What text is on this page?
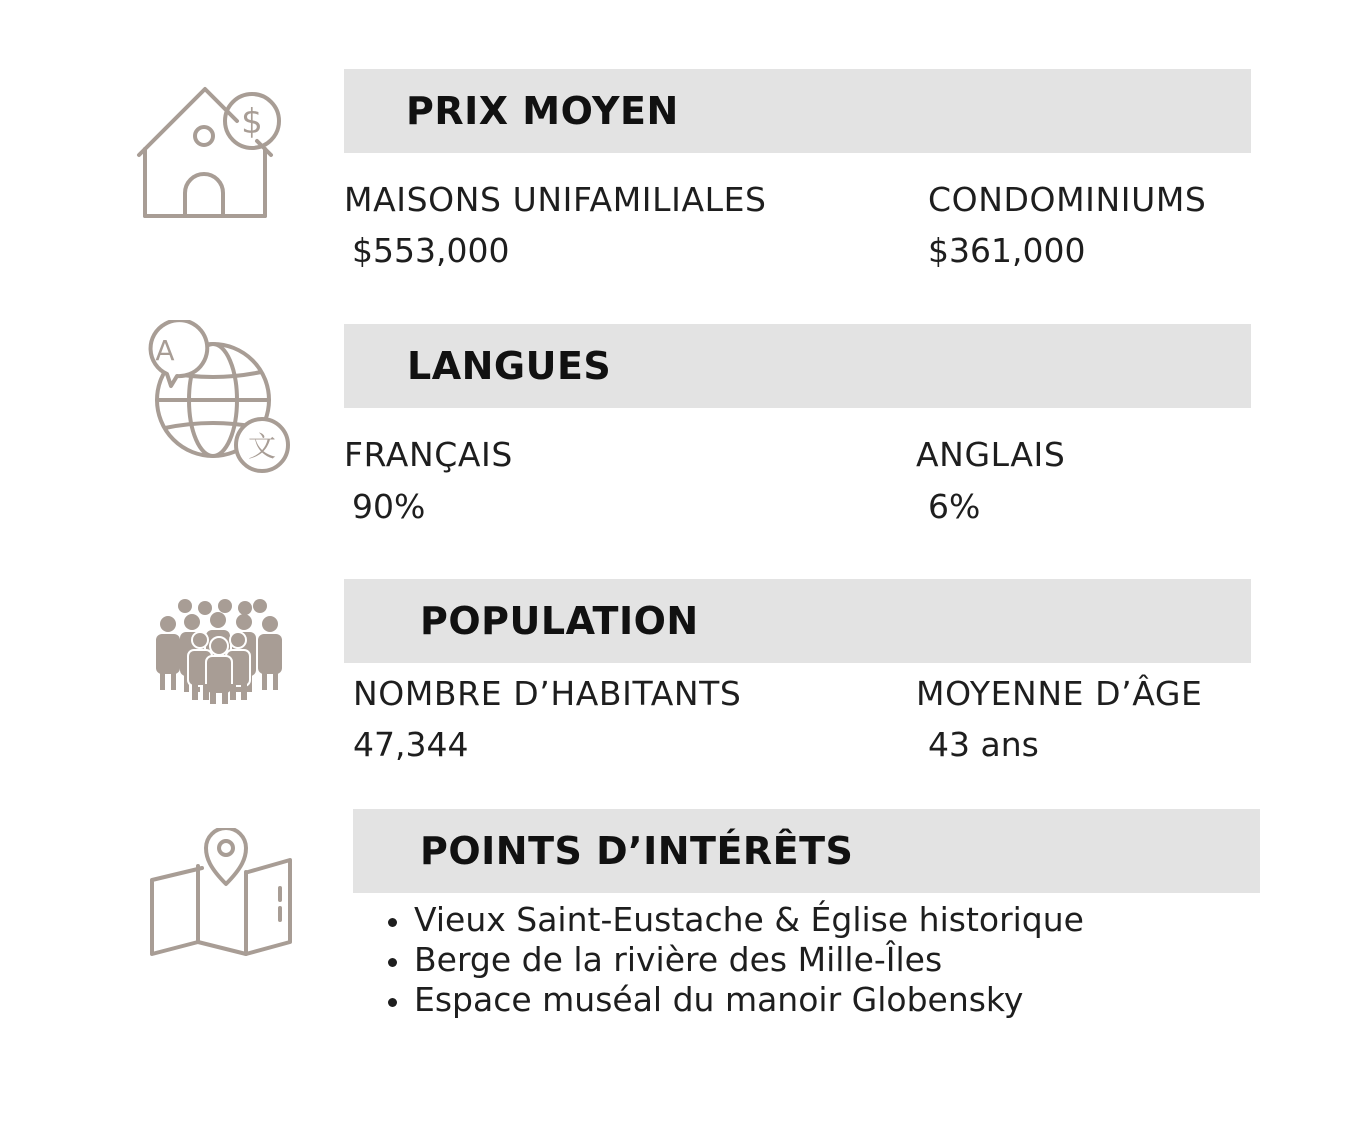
$	PRIX MOYEN
MAISONS UNIFAMILIALES
$553,000
CONDOMINIUMS
$361,000
A
文
LANGUES
FRANÇAIS
90%
ANGLAIS
6%
POPULATION
NOMBRE D’HABITANTS
47,344
MOYENNE D’ÂGE
43 ans
POINTS D’INTÉRÊTS
Vieux Saint-Eustache & Église historique
Berge de la rivière des Mille-Îles
Espace muséal du manoir Globensky
